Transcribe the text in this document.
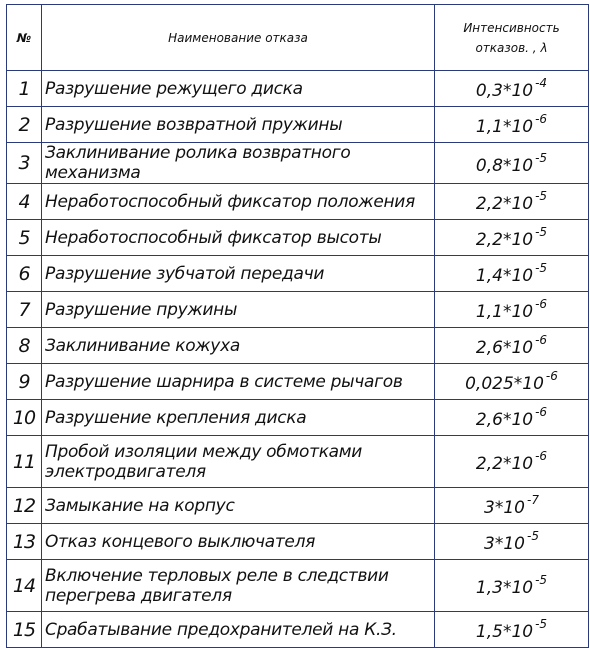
№	Наименование отказа	Интенсивность
отказов. , λ

1	Разрушение режущего диска	0,3*10 $^{-4}$
2	Разрушение возвратной пружины	1,1*10 $^{-6}$
3	Заклинивание ролика возвратного механизма	0,8*10 $^{-5}$
4	Неработоспособный фиксатор положения	2,2*10 $^{-5}$
5	Неработоспособный фиксатор высоты	2,2*10 $^{-5}$
6	Разрушение зубчатой передачи	1,4*10 $^{-5}$
7	Разрушение пружины	1,1*10 $^{-6}$
8	Заклинивание кожуха	2,6*10 $^{-6}$
9	Разрушение шарнира в системе рычагов	0,025*10 $^{-6}$
10	Разрушение крепления диска	2,6*10 $^{-6}$
11	Пробой изоляции между обмотками электродвигателя	2,2*10 $^{-6}$
12	Замыкание на корпус	3*10 $^{-7}$
13	Отказ концевого выключателя	3*10 $^{-5}$
14	Включение терловых реле в следствии перегрева двигателя	1,3*10 $^{-5}$
15	Срабатывание предохранителей на К.З.	1,5*10 $^{-5}$
